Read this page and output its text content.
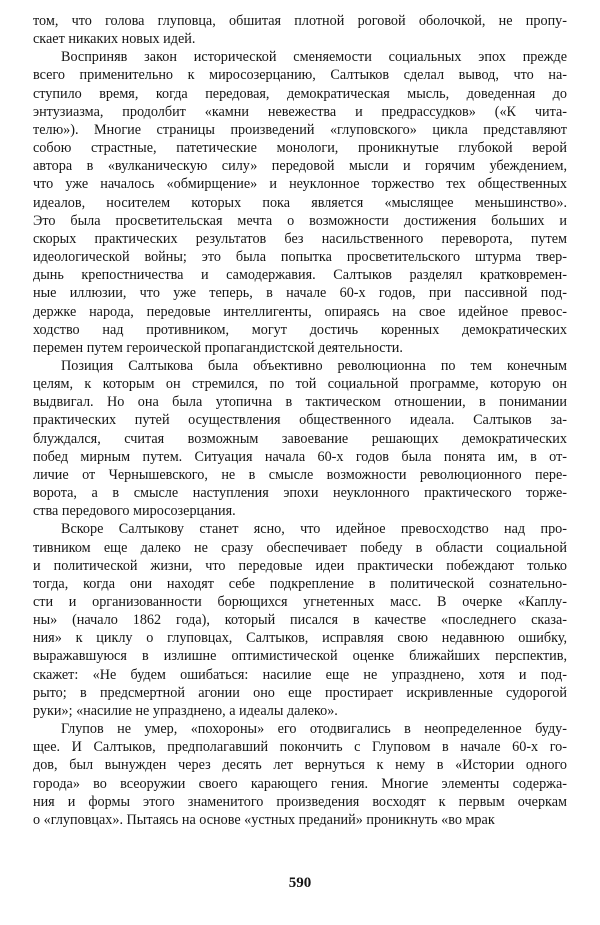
том, что голова глуповца, обшитая плотной роговой оболочкой, не пропу-
скает никаких новых идей.
Восприняв закон исторической сменяемости социальных эпох прежде
всего применительно к миросозерцанию, Салтыков сделал вывод, что на-
ступило время, когда передовая, демократическая мысль, доведенная до
энтузиазма, продолбит «камни невежества и предрассудков» («К чита-
телю»). Многие страницы произведений «глуповского» цикла представляют
собою страстные, патетические монологи, проникнутые глубокой верой
автора в «вулканическую силу» передовой мысли и горячим убеждением,
что уже началось «обмирщение» и неуклонное торжество тех общественных
идеалов, носителем которых пока является «мыслящее меньшинство».
Это была просветительская мечта о возможности достижения больших и
скорых практических результатов без насильственного переворота, путем
идеологической войны; это была попытка просветительского штурма твер-
дынь крепостничества и самодержавия. Салтыков разделял кратковремен-
ные иллюзии, что уже теперь, в начале 60-х годов, при пассивной под-
держке народа, передовые интеллигенты, опираясь на свое идейное превос-
ходство над противником, могут достичь коренных демократических
перемен путем героической пропагандистской деятельности.
Позиция Салтыкова была объективно революционна по тем конечным
целям, к которым он стремился, по той социальной программе, которую он
выдвигал. Но она была утопична в тактическом отношении, в понимании
практических путей осуществления общественного идеала. Салтыков за-
блуждался, считая возможным завоевание решающих демократических
побед мирным путем. Ситуация начала 60-х годов была понята им, в от-
личие от Чернышевского, не в смысле возможности революционного пере-
ворота, а в смысле наступления эпохи неуклонного практического торже-
ства передового миросозерцания.
Вскоре Салтыкову станет ясно, что идейное превосходство над про-
тивником еще далеко не сразу обеспечивает победу в области социальной
и политической жизни, что передовые идеи практически побеждают только
тогда, когда они находят себе подкрепление в политической сознательно-
сти и организованности борющихся угнетенных масс. В очерке «Каплу-
ны» (начало 1862 года), который писался в качестве «последнего сказа-
ния» к циклу о глуповцах, Салтыков, исправляя свою недавнюю ошибку,
выражавшуюся в излишне оптимистической оценке ближайших перспектив,
скажет: «Не будем ошибаться: насилие еще не упразднено, хотя и под-
рыто; в предсмертной агонии оно еще простирает искривленные судорогой
руки»; «насилие не упразднено, а идеалы далеко».
Глупов не умер, «похороны» его отодвигались в неопределенное буду-
щее. И Салтыков, предполагавший покончить с Глуповом в начале 60-х го-
дов, был вынужден через десять лет вернуться к нему в «Истории одного
города» во всеоружии своего карающего гения. Многие элементы содержа-
ния и формы этого знаменитого произведения восходят к первым очеркам
о «глуповцах». Пытаясь на основе «устных преданий» проникнуть «во мрак
590
